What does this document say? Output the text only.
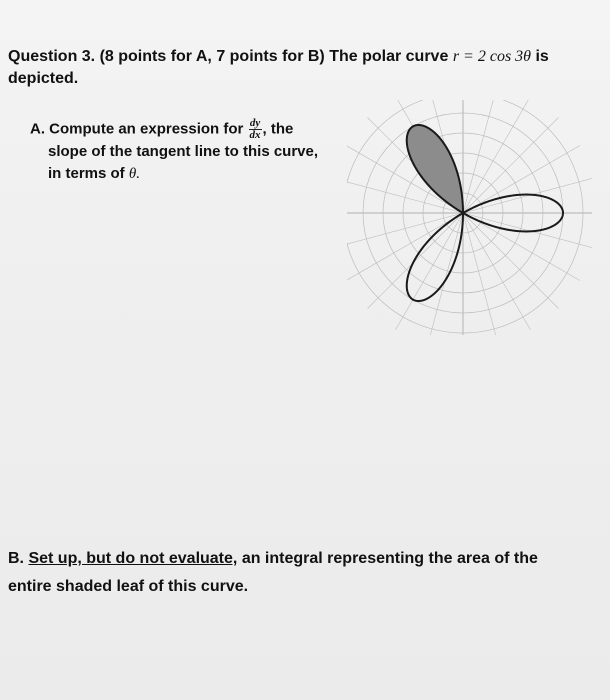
Question 3. (8 points for A, 7 points for B) The polar curve r = 2 cos 3θ is
depicted.
A. Compute an expression for $\frac{dy}{dx}$ , the
slope of the tangent line to this curve,
in terms of θ.
B. Set up, but do not evaluate, an integral representing the area of the
entire shaded leaf of this curve.
